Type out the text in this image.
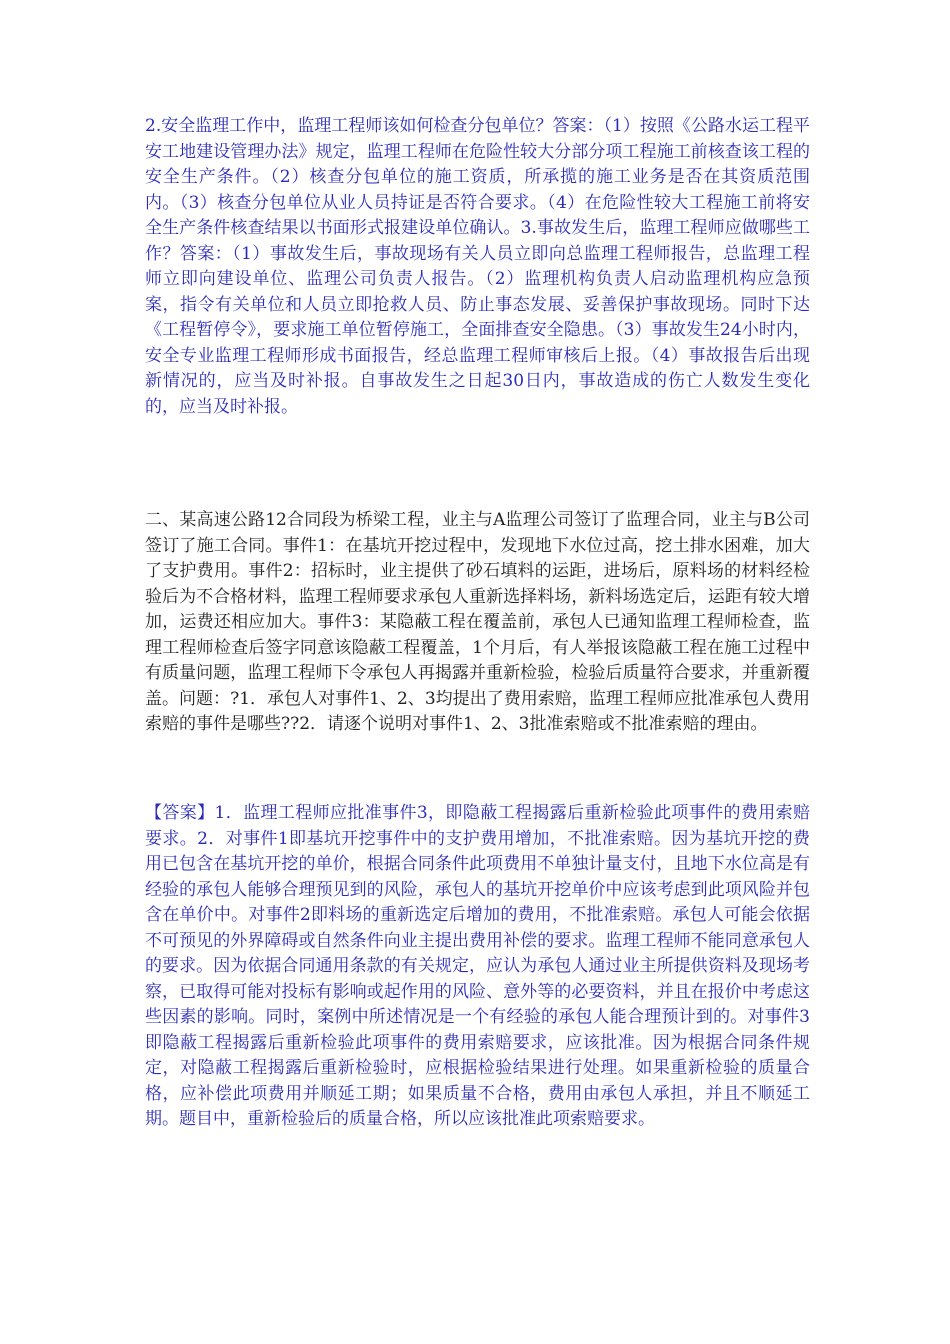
2.安全监理工作中，监理工程师该如何检查分包单位？答案：（1）按照《公路水运工程平安工地建设管理办法》规定，监理工程师在危险性较大分部分项工程施工前核查该工程的安全生产条件。（2）核查分包单位的施工资质，所承揽的施工业务是否在其资质范围内。（3）核查分包单位从业人员持证是否符合要求。（4）在危险性较大工程施工前将安全生产条件核查结果以书面形式报建设单位确认。3.事故发生后，监理工程师应做哪些工作？答案：（1）事故发生后，事故现场有关人员立即向总监理工程师报告，总监理工程师立即向建设单位、监理公司负责人报告。（2）监理机构负责人启动监理机构应急预案，指令有关单位和人员立即抢救人员、防止事态发展、妥善保护事故现场。同时下达《工程暂停令》，要求施工单位暂停施工，全面排查安全隐患。（3）事故发生24小时内，安全专业监理工程师形成书面报告，经总监理工程师审核后上报。（4）事故报告后出现新情况的，应当及时补报。自事故发生之日起30日内，事故造成的伤亡人数发生变化的，应当及时补报。

二、某高速公路12合同段为桥梁工程，业主与A监理公司签订了监理合同，业主与B公司签订了施工合同。事件1：在基坑开挖过程中，发现地下水位过高，挖土排水困难，加大了支护费用。事件2：招标时，业主提供了砂石填料的运距，进场后，原料场的材料经检验后为不合格材料，监理工程师要求承包人重新选择料场，新料场选定后，运距有较大增加，运费还相应加大。事件3：某隐蔽工程在覆盖前，承包人已通知监理工程师检查，监理工程师检查后签字同意该隐蔽工程覆盖，1个月后，有人举报该隐蔽工程在施工过程中有质量问题，监理工程师下令承包人再揭露并重新检验，检验后质量符合要求，并重新覆盖。问题：?1．承包人对事件1、2、3均提出了费用索赔，监理工程师应批准承包人费用索赔的事件是哪些??2．请逐个说明对事件1、2、3批准索赔或不批准索赔的理由。

【答案】1．监理工程师应批准事件3，即隐蔽工程揭露后重新检验此项事件的费用索赔要求。2．对事件1即基坑开挖事件中的支护费用增加，不批准索赔。因为基坑开挖的费用已包含在基坑开挖的单价，根据合同条件此项费用不单独计量支付，且地下水位高是有经验的承包人能够合理预见到的风险，承包人的基坑开挖单价中应该考虑到此项风险并包含在单价中。对事件2即料场的重新选定后增加的费用，不批准索赔。承包人可能会依据不可预见的外界障碍或自然条件向业主提出费用补偿的要求。监理工程师不能同意承包人的要求。因为依据合同通用条款的有关规定，应认为承包人通过业主所提供资料及现场考察，已取得可能对投标有影响或起作用的风险、意外等的必要资料，并且在报价中考虑这些因素的影响。同时，案例中所述情况是一个有经验的承包人能合理预计到的。对事件3即隐蔽工程揭露后重新检验此项事件的费用索赔要求，应该批准。因为根据合同条件规定，对隐蔽工程揭露后重新检验时，应根据检验结果进行处理。如果重新检验的质量合格，应补偿此项费用并顺延工期；如果质量不合格，费用由承包人承担，并且不顺延工期。题目中，重新检验后的质量合格，所以应该批准此项索赔要求。
